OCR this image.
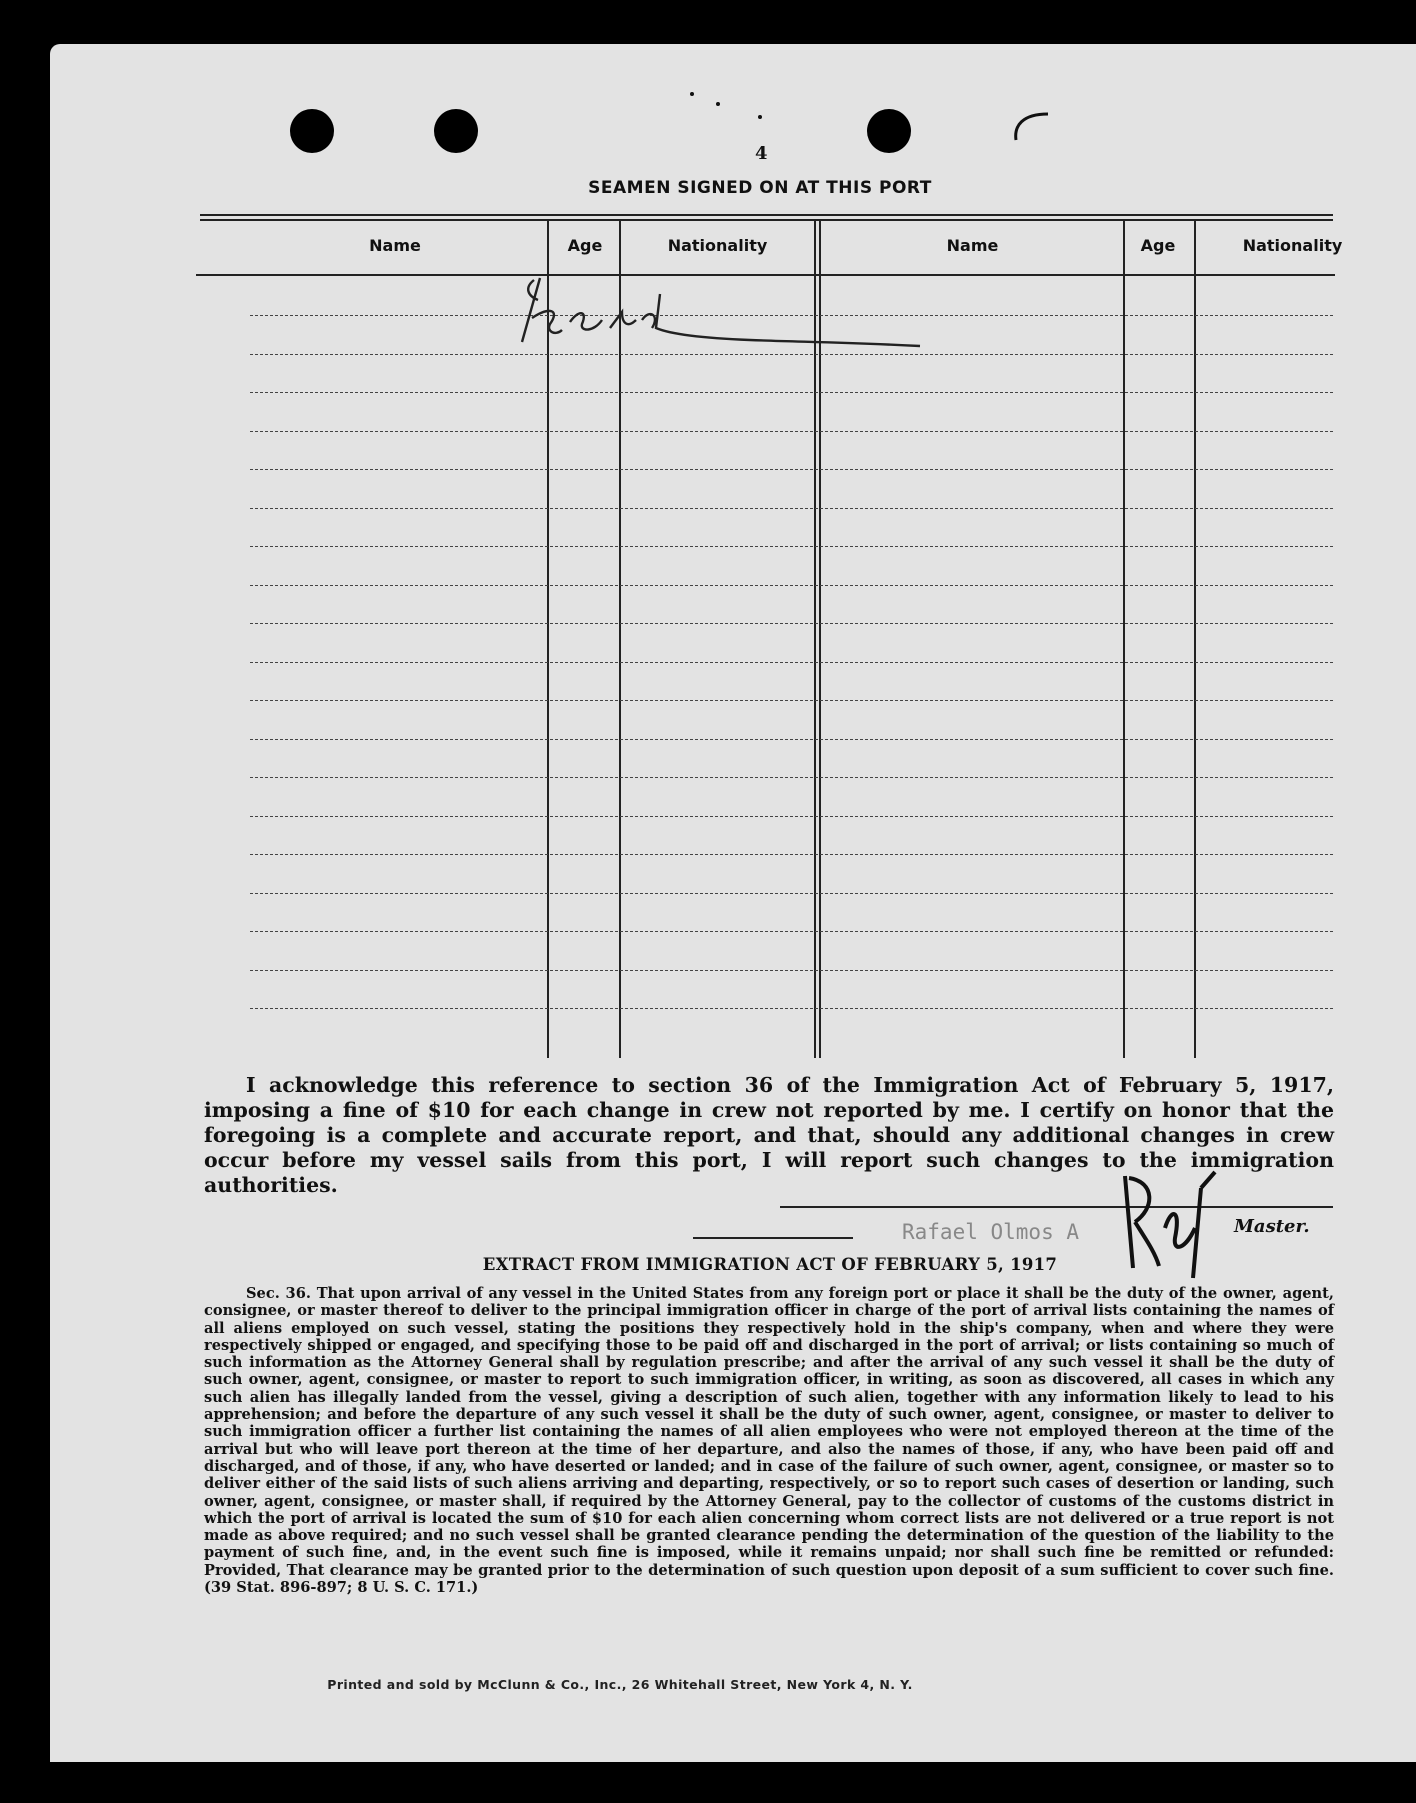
4
SEAMEN SIGNED ON AT THIS PORT
Name	Age	Nationality	Name	Age	Nationality
I acknowledge this reference to section 36 of the Immigration Act of February 5, 1917, imposing a fine of $10 for each change in crew not reported by me. I certify on honor that the foregoing is a complete and accurate report, and that, should any additional changes in crew occur before my vessel sails from this port, I will report such changes to the immigration authorities.
Rafael Olmos A	Master.
EXTRACT FROM IMMIGRATION ACT OF FEBRUARY 5, 1917
Sec. 36. That upon arrival of any vessel in the United States from any foreign port or place it shall be the duty of the owner, agent, consignee, or master thereof to deliver to the principal immigration officer in charge of the port of arrival lists containing the names of all aliens employed on such vessel, stating the positions they respectively hold in the ship's company, when and where they were respectively shipped or engaged, and specifying those to be paid off and discharged in the port of arrival; or lists containing so much of such information as the Attorney General shall by regulation prescribe; and after the arrival of any such vessel it shall be the duty of such owner, agent, consignee, or master to report to such immigration officer, in writing, as soon as discovered, all cases in which any such alien has illegally landed from the vessel, giving a description of such alien, together with any information likely to lead to his apprehension; and before the departure of any such vessel it shall be the duty of such owner, agent, consignee, or master to deliver to such immigration officer a further list containing the names of all alien employees who were not employed thereon at the time of the arrival but who will leave port thereon at the time of her departure, and also the names of those, if any, who have been paid off and discharged, and of those, if any, who have deserted or landed; and in case of the failure of such owner, agent, consignee, or master so to deliver either of the said lists of such aliens arriving and departing, respectively, or so to report such cases of desertion or landing, such owner, agent, consignee, or master shall, if required by the Attorney General, pay to the collector of customs of the customs district in which the port of arrival is located the sum of $10 for each alien concerning whom correct lists are not delivered or a true report is not made as above required; and no such vessel shall be granted clearance pending the determination of the question of the liability to the payment of such fine, and, in the event such fine is imposed, while it remains unpaid; nor shall such fine be remitted or refunded: Provided, That clearance may be granted prior to the determination of such question upon deposit of a sum sufficient to cover such fine. (39 Stat. 896-897; 8 U. S. C. 171.)
Printed and sold by McClunn & Co., Inc., 26 Whitehall Street, New York 4, N. Y.
